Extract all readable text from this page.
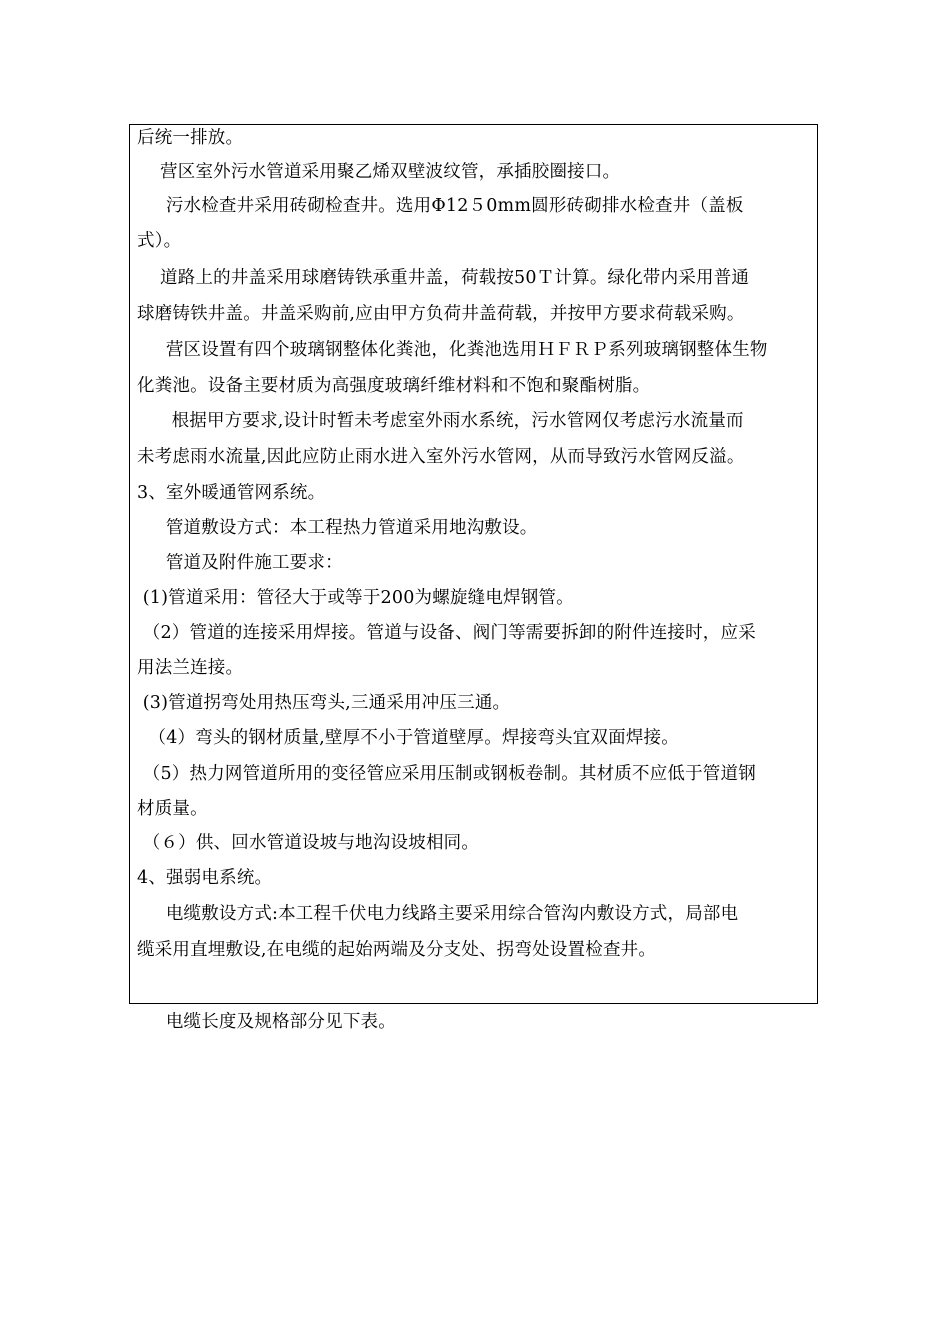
后统一排放。
营区室外污水管道采用聚乙烯双壁波纹管，承插胶圈接口。
污水检查井采用砖砌检查井。选用Φ12５0mm圆形砖砌排水检查井（盖板
式）。
道路上的井盖采用球磨铸铁承重井盖，荷载按50Ｔ计算。绿化带内采用普通
球磨铸铁井盖。井盖采购前,应由甲方负荷井盖荷载，并按甲方要求荷载采购。
营区设置有四个玻璃钢整体化粪池，化粪池选用ＨＦＲＰ系列玻璃钢整体生物
化粪池。设备主要材质为高强度玻璃纤维材料和不饱和聚酯树脂。
根据甲方要求,设计时暂未考虑室外雨水系统，污水管网仅考虑污水流量而
未考虑雨水流量,因此应防止雨水进入室外污水管网，从而导致污水管网反溢。
3、室外暖通管网系统。
管道敷设方式：本工程热力管道采用地沟敷设。
管道及附件施工要求：
(1)管道采用：管径大于或等于200为螺旋缝电焊钢管。
（2）管道的连接采用焊接。管道与设备、阀门等需要拆卸的附件连接时，应采
用法兰连接。
(3)管道拐弯处用热压弯头,三通采用冲压三通。
（4）弯头的钢材质量,壁厚不小于管道壁厚。焊接弯头宜双面焊接。
（5）热力网管道所用的变径管应采用压制或钢板卷制。其材质不应低于管道钢
材质量。
（６）供、回水管道设坡与地沟设坡相同。
4、强弱电系统。
电缆敷设方式:本工程千伏电力线路主要采用综合管沟内敷设方式，局部电
缆采用直埋敷设,在电缆的起始两端及分支处、拐弯处设置检查井。
电缆长度及规格部分见下表。
